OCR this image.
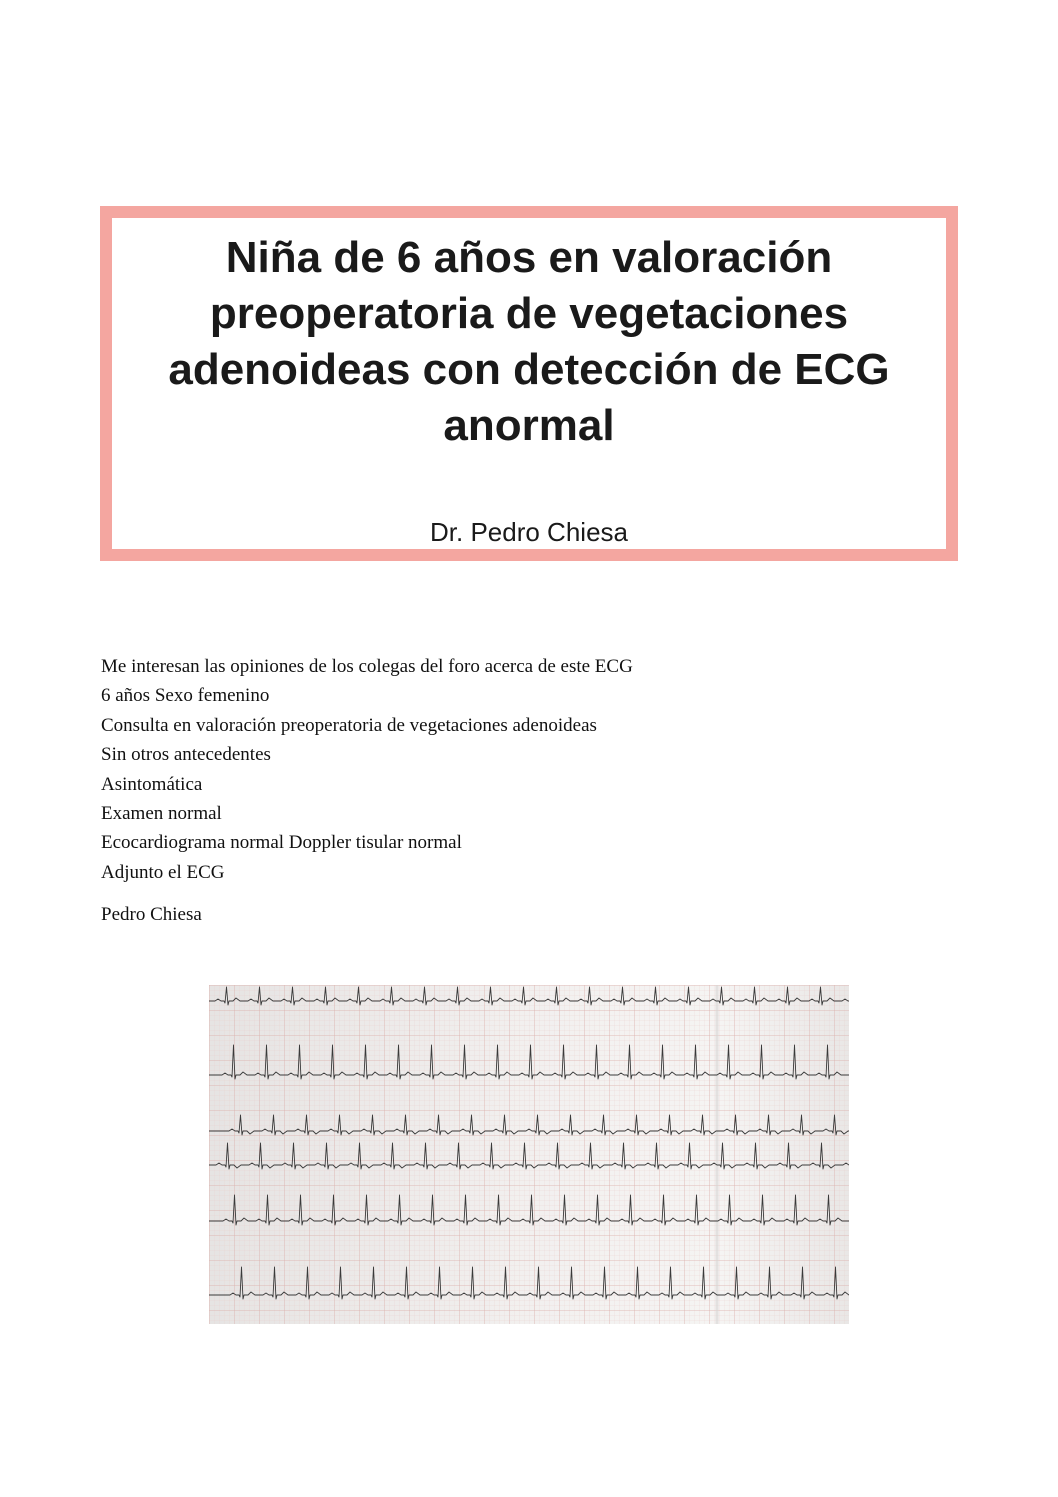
Niña de 6 años en valoración
preoperatoria de vegetaciones
adenoideas con detección de ECG
anormal
Dr. Pedro Chiesa
Me interesan las opiniones de los colegas del foro acerca de este ECG
6 años Sexo femenino
Consulta en valoración preoperatoria de vegetaciones adenoideas
Sin otros antecedentes
Asintomática
Examen normal
Ecocardiograma normal Doppler tisular normal
Adjunto el ECG
Pedro Chiesa
